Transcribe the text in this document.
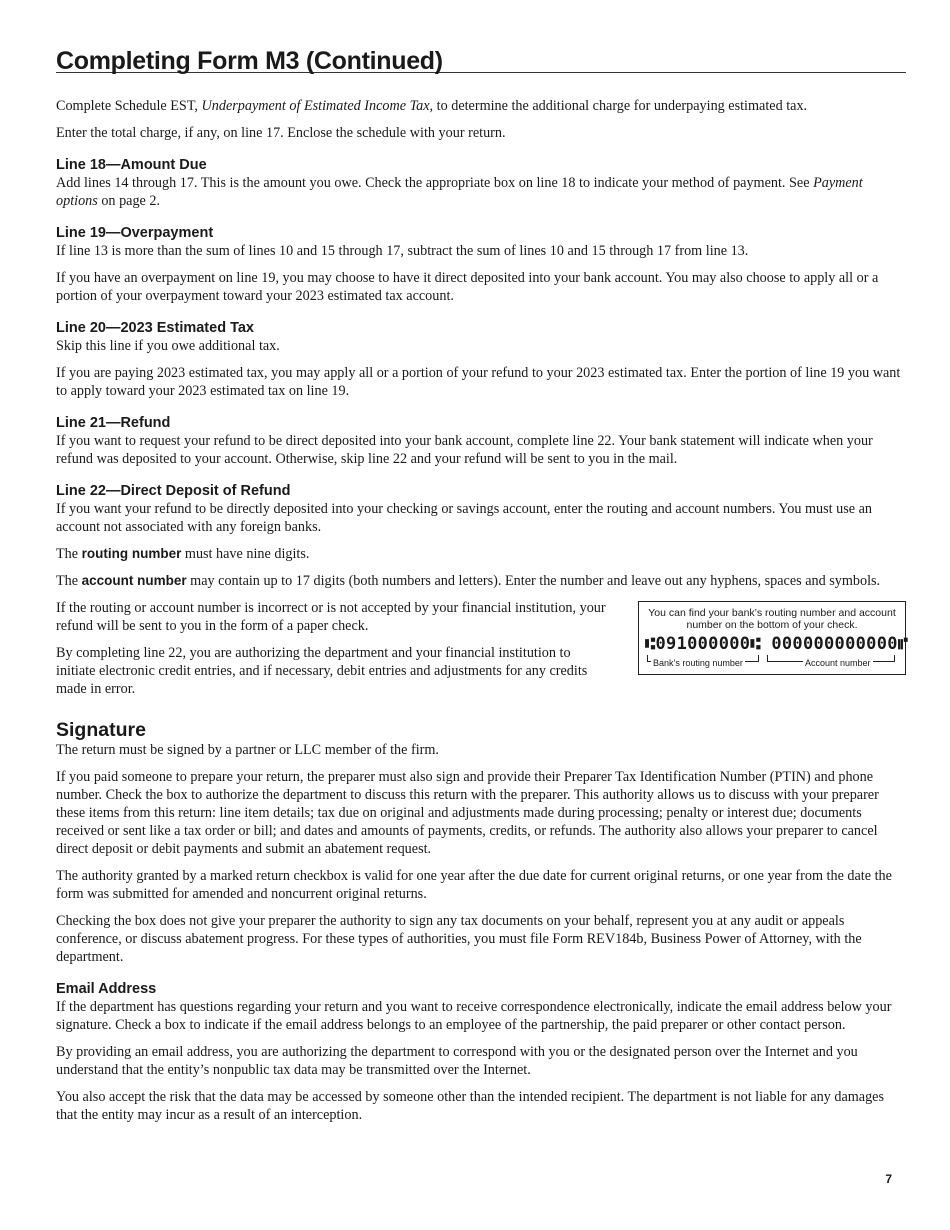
Completing Form M3 (Continued)

Complete Schedule EST, Underpayment of Estimated Income Tax, to determine the additional charge for underpaying estimated tax.

Enter the total charge, if any, on line 17. Enclose the schedule with your return.

Line 18—Amount Due

Add lines 14 through 17. This is the amount you owe. Check the appropriate box on line 18 to indicate your method of payment. See Payment options on page 2.

Line 19—Overpayment

If line 13 is more than the sum of lines 10 and 15 through 17, subtract the sum of lines 10 and 15 through 17 from line 13.

If you have an overpayment on line 19, you may choose to have it direct deposited into your bank account. You may also choose to apply all or a portion of your overpayment toward your 2023 estimated tax account.

Line 20—2023 Estimated Tax

Skip this line if you owe additional tax.

If you are paying 2023 estimated tax, you may apply all or a portion of your refund to your 2023 estimated tax. Enter the portion of line 19 you want to apply toward your 2023 estimated tax on line 19.

Line 21—Refund

If you want to request your refund to be direct deposited into your bank account, complete line 22. Your bank statement will indicate when your refund was deposited to your account. Otherwise, skip line 22 and your refund will be sent to you in the mail.

Line 22—Direct Deposit of Refund

If you want your refund to be directly deposited into your checking or savings account, enter the routing and account numbers. You must use an account not associated with any foreign banks.

The routing number must have nine digits.

The account number may contain up to 17 digits (both numbers and letters). Enter the number and leave out any hyphens, spaces and symbols.

If the routing or account number is incorrect or is not accepted by your financial institution, your refund will be sent to you in the form of a paper check.

By completing line 22, you are authorizing the department and your financial institution to initiate electronic credit entries, and if necessary, debit entries and adjustments for any credits made in error.

You can find your bank’s routing number and account number on the bottom of your check.
⑆091000000⑆ 000000000000⑈
Bank’s routing number	Account number
Signature

The return must be signed by a partner or LLC member of the firm.

If you paid someone to prepare your return, the preparer must also sign and provide their Preparer Tax Identification Number (PTIN) and phone number. Check the box to authorize the department to discuss this return with the preparer. This authority allows us to discuss with your preparer these items from this return: line item details; tax due on original and adjustments made during processing; penalty or interest due; documents received or sent like a tax order or bill; and dates and amounts of payments, credits, or refunds. The authority also allows your preparer to cancel direct deposit or debit payments and submit an abatement request.

The authority granted by a marked return checkbox is valid for one year after the due date for current original returns, or one year from the date the form was submitted for amended and noncurrent original returns.

Checking the box does not give your preparer the authority to sign any tax documents on your behalf, represent you at any audit or appeals conference, or discuss abatement progress. For these types of authorities, you must file Form REV184b, Business Power of Attorney, with the department.

Email Address

If the department has questions regarding your return and you want to receive correspondence electronically, indicate the email address below your signature. Check a box to indicate if the email address belongs to an employee of the partnership, the paid preparer or other contact person.

By providing an email address, you are authorizing the department to correspond with you or the designated person over the Internet and you understand that the entity’s nonpublic tax data may be transmitted over the Internet.

You also accept the risk that the data may be accessed by someone other than the intended recipient. The department is not liable for any damages that the entity may incur as a result of an interception.

7
